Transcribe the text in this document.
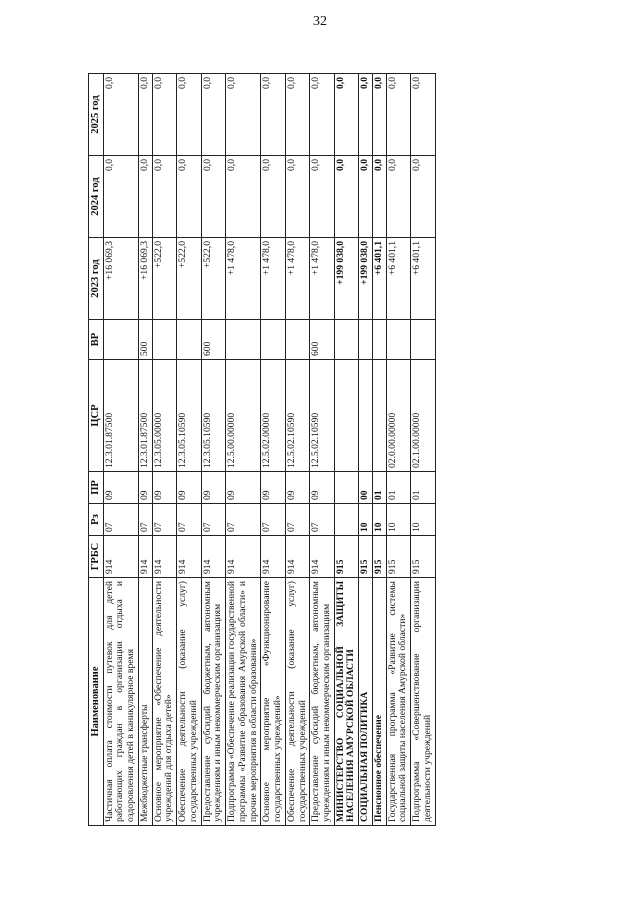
32
Наименование	ГРБС	Рз	ПР	ЦСР	ВР	2023 год	2024 год	2025 год
Частичная оплата стоимости путевок для детей работающих граждан в организации отдыха и оздоровления детей в каникулярное время	914	07	09	12.3.01.87500		+16 069,3	0,0	0,0
Межбюджетные трансферты	914	07	09	12.3.01.87500	500	+16 069,3	0,0	0,0
Основное мероприятие «Обеспечение деятельности учреждений для отдыха детей»	914	07	09	12.3.05.00000		+522,0	0,0	0,0
Обеспечение деятельности (оказание услуг) государственных учреждений	914	07	09	12.3.05.10590		+522,0	0,0	0,0
Предоставление субсидий бюджетным, автономным учреждениям и иным некоммерческим организациям	914	07	09	12.3.05.10590	600	+522,0	0,0	0,0
Подпрограмма «Обеспечение реализации государственной программы «Развитие образования Амурской области» и прочие мероприятия в области образования»	914	07	09	12.5.00.00000		+1 478,0	0,0	0,0
Основное мероприятие «Функционирование государственных учреждений»	914	07	09	12.5.02.00000		+1 478,0	0,0	0,0
Обеспечение деятельности (оказание услуг) государственных учреждений	914	07	09	12.5.02.10590		+1 478,0	0,0	0,0
Предоставление субсидий бюджетным, автономным учреждениям и иным некоммерческим организациям	914	07	09	12.5.02.10590	600	+1 478,0	0,0	0,0
МИНИСТЕРСТВО СОЦИАЛЬНОЙ ЗАЩИТЫ НАСЕЛЕНИЯ АМУРСКОЙ ОБЛАСТИ	915					+199 038,0	0,0	0,0
СОЦИАЛЬНАЯ ПОЛИТИКА	915	10	00			+199 038,0	0,0	0,0
Пенсионное обеспечение	915	10	01			+6 401,1	0,0	0,0
Государственная программа «Развитие системы социальной защиты населения Амурской области»	915	10	01	02.0.00.00000		+6 401,1	0,0	0,0
Подпрограмма «Совершенствование организации деятельности учреждений	915	10	01	02.1.00.00000		+6 401,1	0,0	0,0
